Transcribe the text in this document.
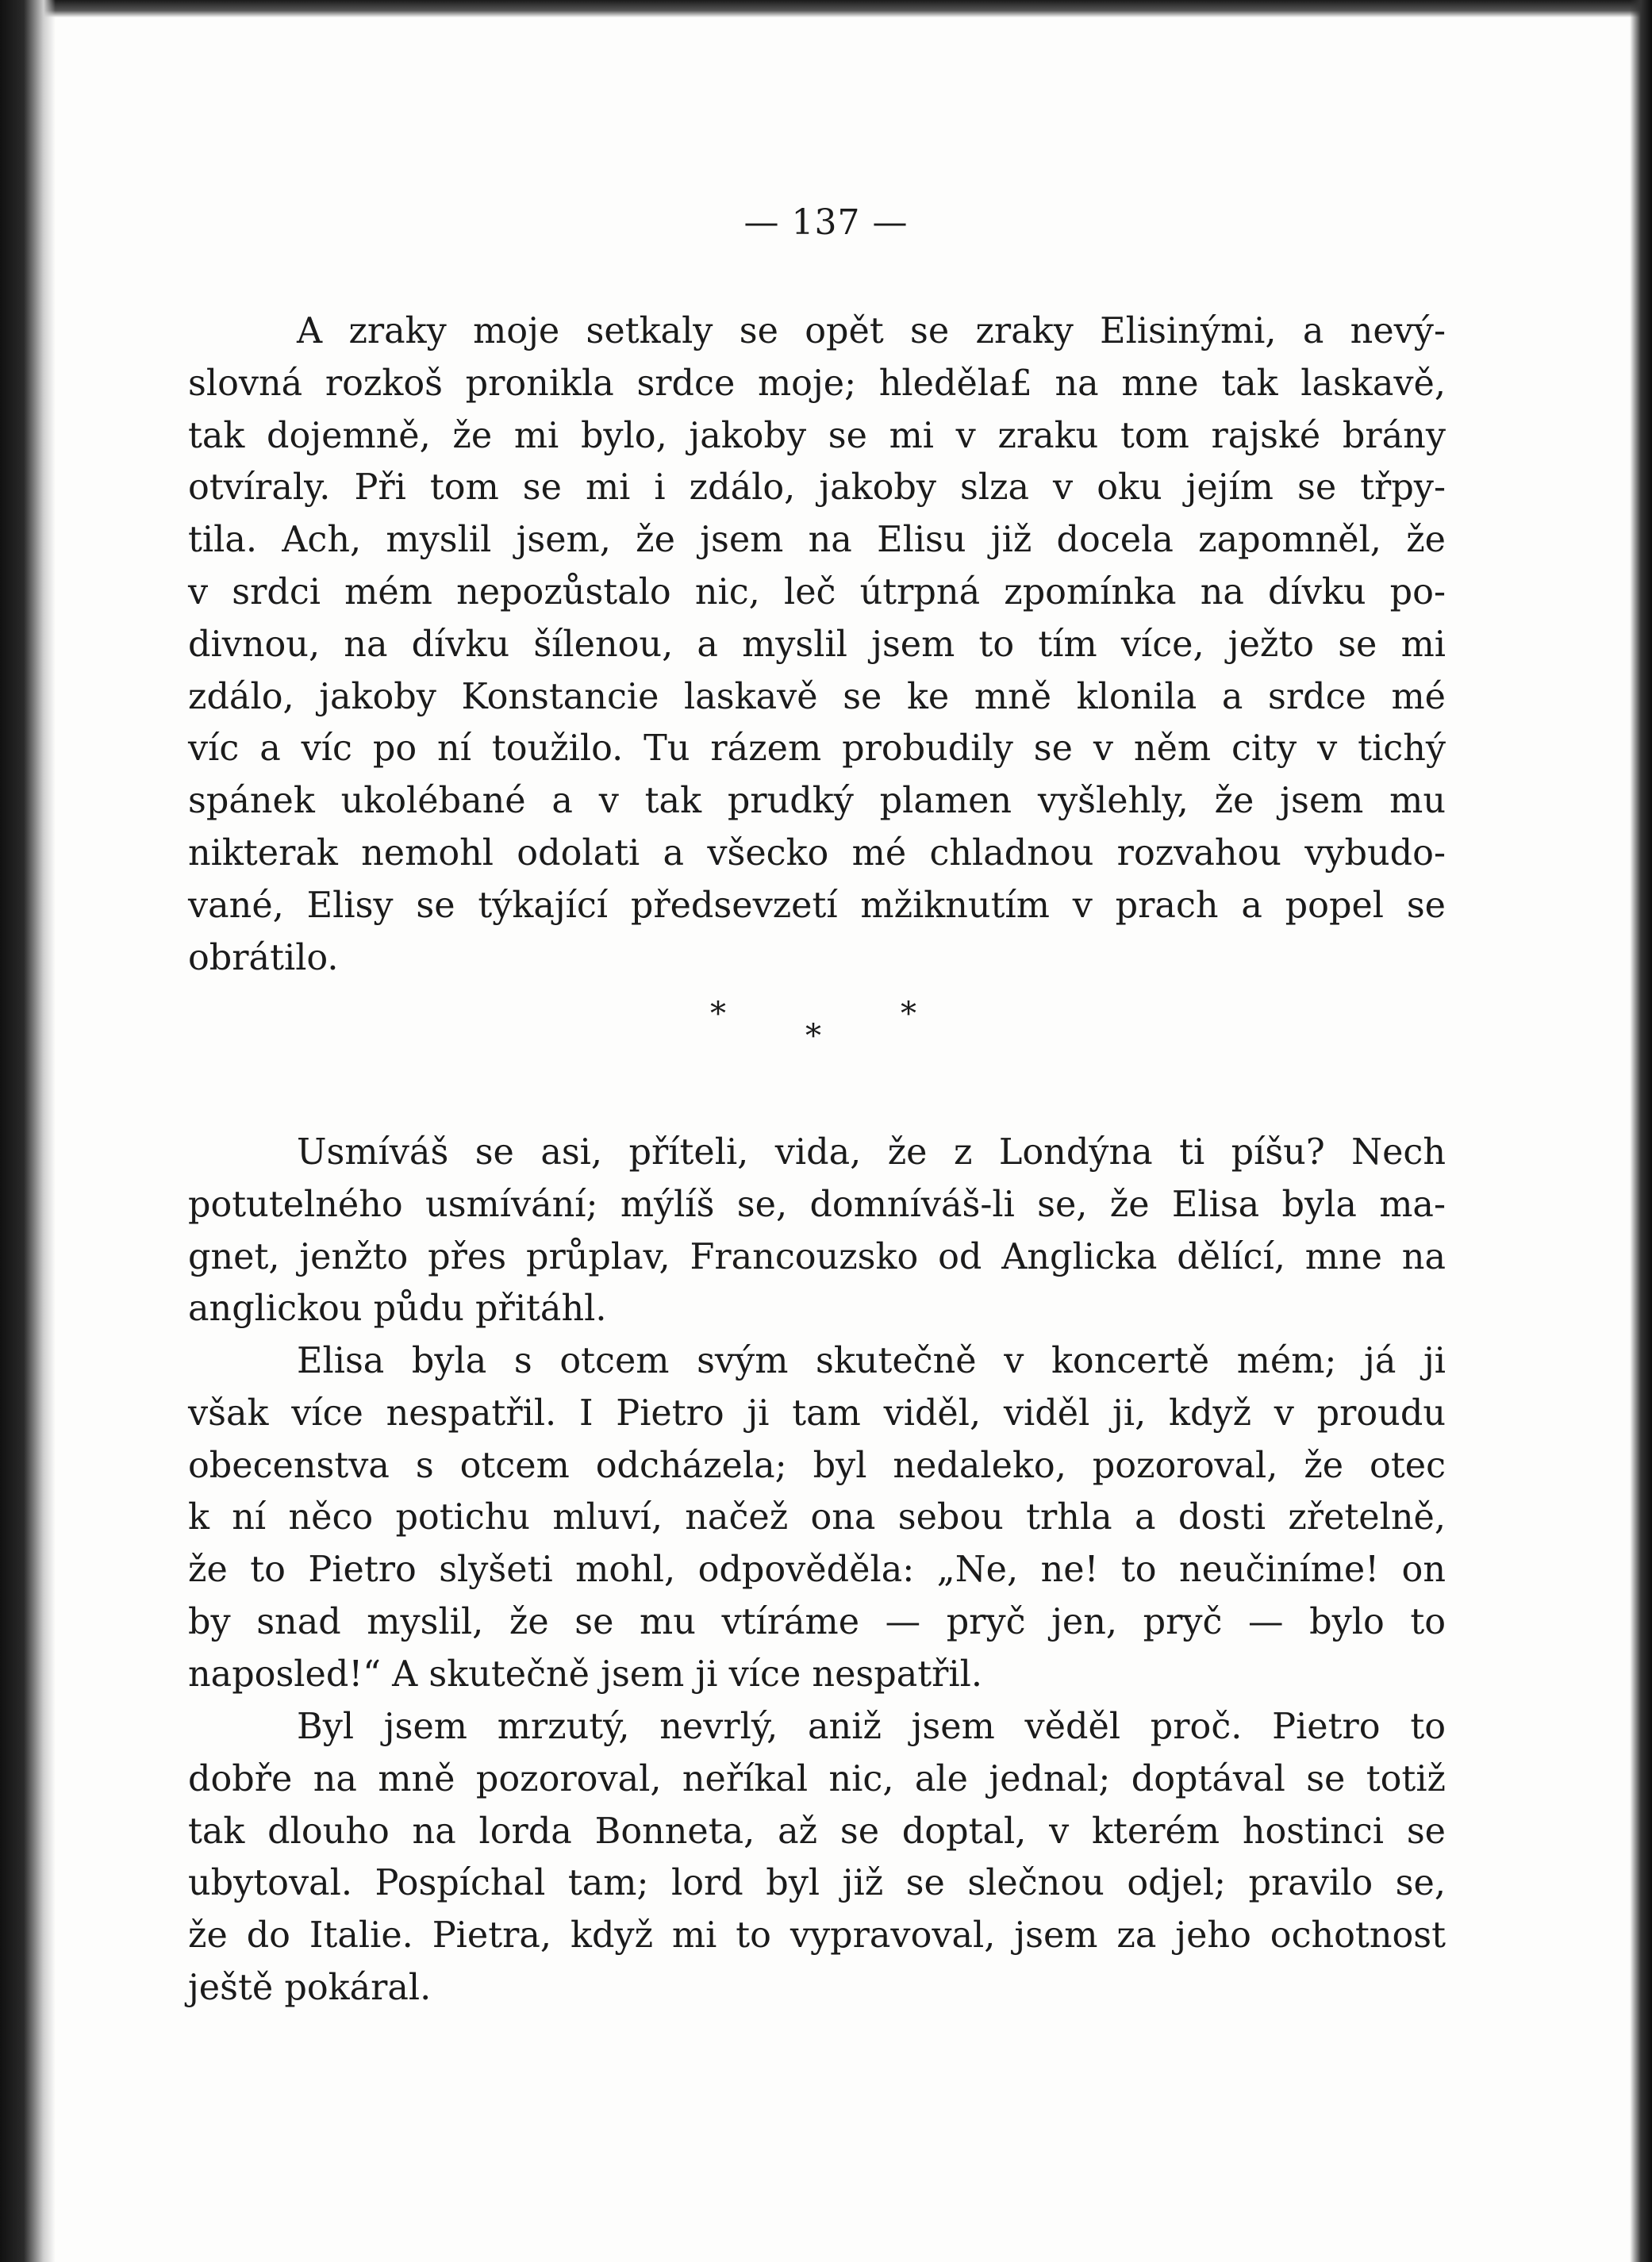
— 137 —
A zraky moje setkaly se opět se zraky Elisinými, a nevý-
slovná rozkoš pronikla srdce moje; hleděla£ na mne tak laskavě,
tak dojemně, že mi bylo, jakoby se mi v zraku tom rajské brány
otvíraly. Při tom se mi i zdálo, jakoby slza v oku jejím se třpy-
tila. Ach, myslil jsem, že jsem na Elisu již docela zapomněl, že
v srdci mém nepozůstalo nic, leč útrpná zpomínka na dívku po-
divnou, na dívku šílenou, a myslil jsem to tím více, ježto se mi
zdálo, jakoby Konstancie laskavě se ke mně klonila a srdce mé
víc a víc po ní toužilo. Tu rázem probudily se v něm city v tichý
spánek ukolébané a v tak prudký plamen vyšlehly, že jsem mu
nikterak nemohl odolati a všecko mé chladnou rozvahou vybudo-
vané, Elisy se týkající předsevzetí mžiknutím v prach a popel se
obrátilo.
*
*
*
Usmíváš se asi, příteli, vida, že z Londýna ti píšu? Nech
potutelného usmívání; mýlíš se, domníváš-li se, že Elisa byla ma-
gnet, jenžto přes průplav, Francouzsko od Anglicka dělící, mne na
anglickou půdu přitáhl.
Elisa byla s otcem svým skutečně v koncertě mém; já ji
však více nespatřil. I Pietro ji tam viděl, viděl ji, když v proudu
obecenstva s otcem odcházela; byl nedaleko, pozoroval, že otec
k ní něco potichu mluví, načež ona sebou trhla a dosti zřetelně,
že to Pietro slyšeti mohl, odpověděla: „Ne, ne! to neučiníme! on
by snad myslil, že se mu vtíráme — pryč jen, pryč — bylo to
naposled!“ A skutečně jsem ji více nespatřil.
Byl jsem mrzutý, nevrlý, aniž jsem věděl proč. Pietro to
dobře na mně pozoroval, neříkal nic, ale jednal; doptával se totiž
tak dlouho na lorda Bonneta, až se doptal, v kterém hostinci se
ubytoval. Pospíchal tam; lord byl již se slečnou odjel; pravilo se,
že do Italie. Pietra, když mi to vypravoval, jsem za jeho ochotnost
ještě pokáral.
